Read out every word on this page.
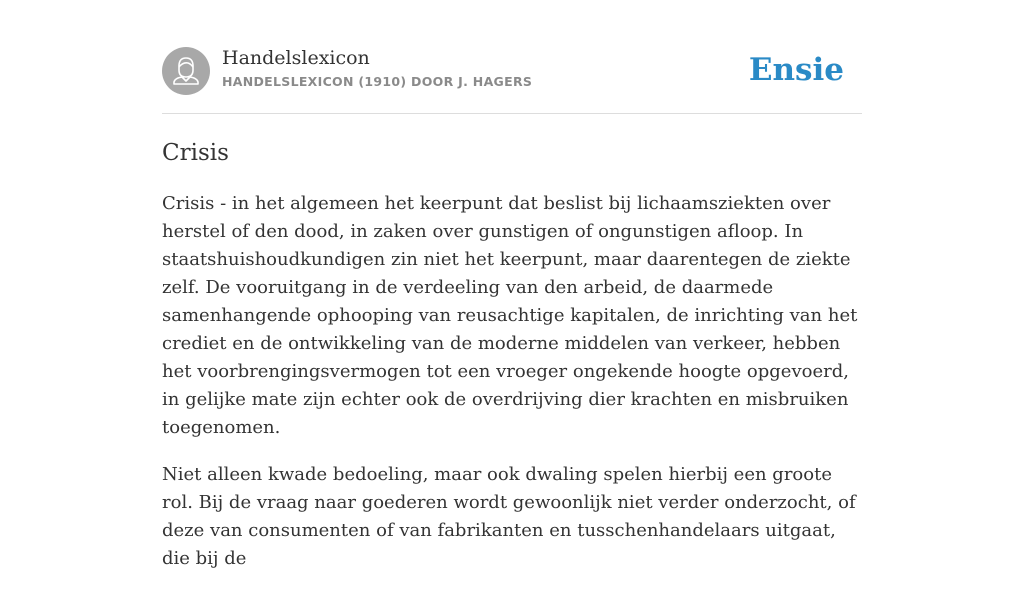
Handelslexicon
HANDELSLEXICON (1910) DOOR J. HAGERS	Ensie
Crisis

Crisis - in het algemeen het keerpunt dat beslist bij lichaamsziekten over herstel of den dood, in zaken over gunstigen of ongunstigen afloop. In staatshuishoudkundigen zin niet het keerpunt, maar daarentegen de ziekte zelf. De vooruitgang in de verdeeling van den arbeid, de daarmede samenhangende ophooping van reusachtige kapitalen, de inrichting van het crediet en de ontwikkeling van de moderne middelen van verkeer, hebben het voorbrengingsvermogen tot een vroeger ongekende hoogte opgevoerd, in gelijke mate zijn echter ook de overdrijving dier krachten en misbruiken toegenomen.

Niet alleen kwade bedoeling, maar ook dwaling spelen hierbij een groote rol. Bij de vraag naar goederen wordt gewoonlijk niet verder onderzocht, of deze van consumenten of van fabrikanten en tusschenhandelaars uitgaat, die bij de
